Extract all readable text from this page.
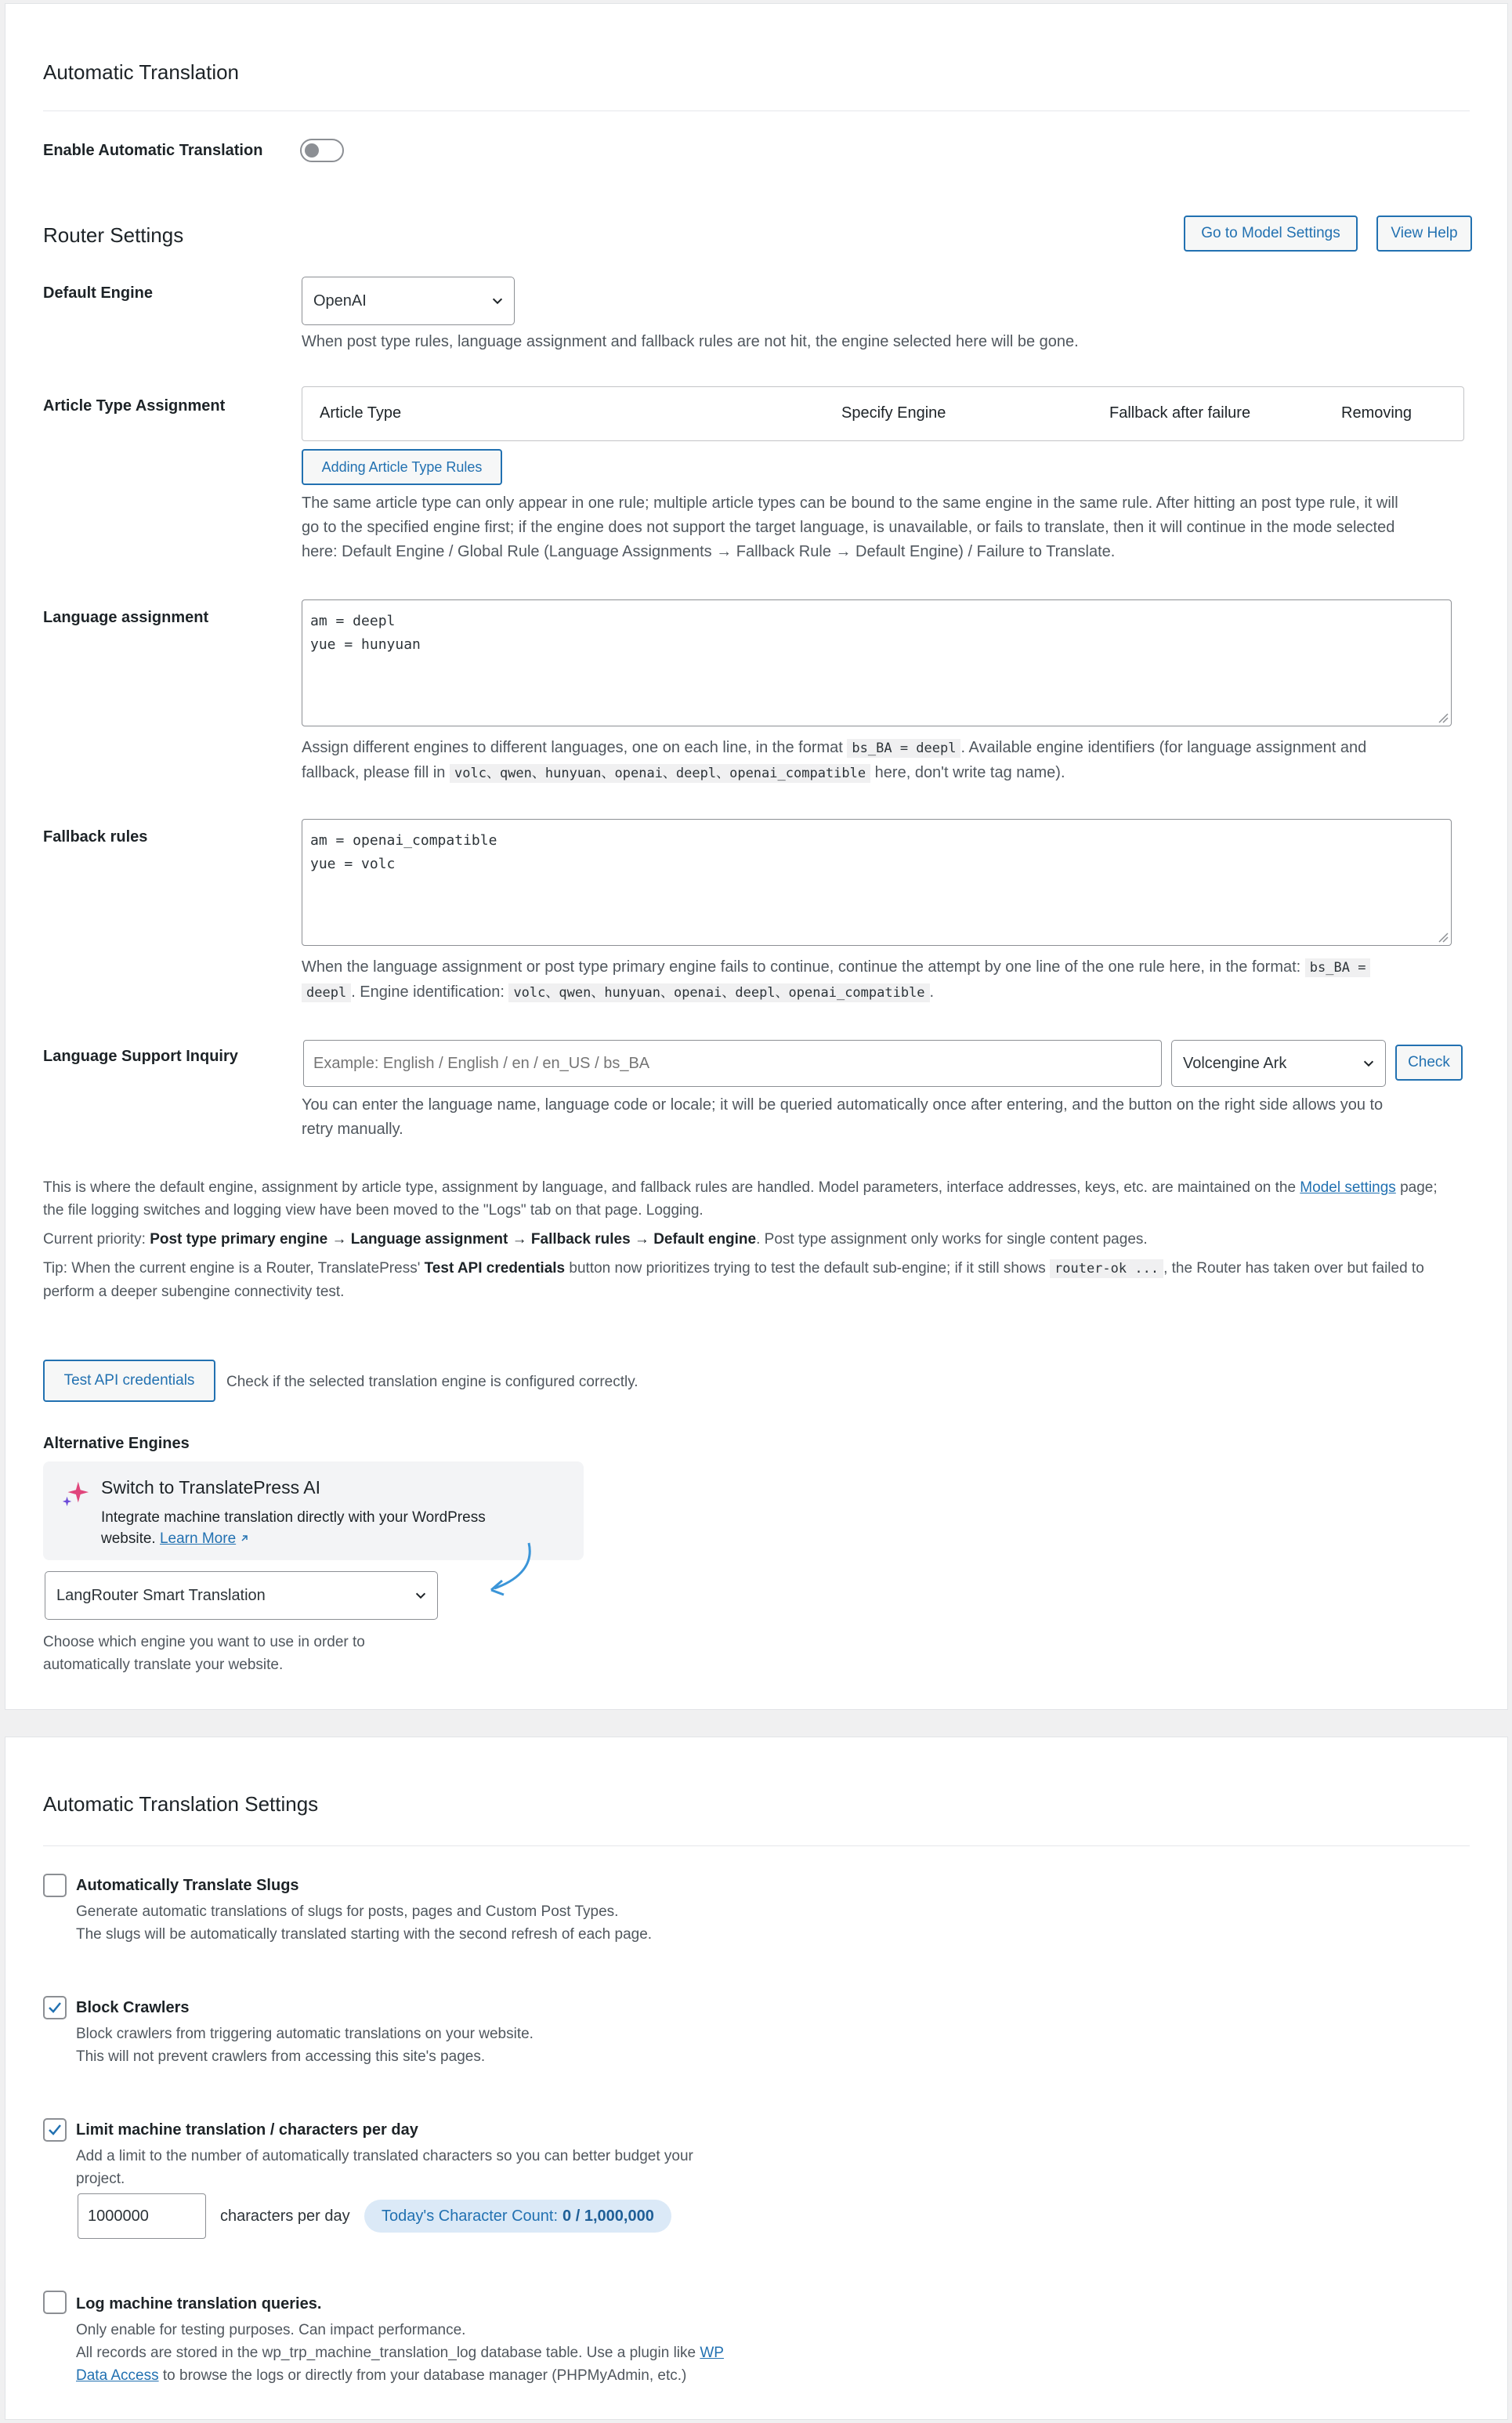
Automatic Translation
Enable Automatic Translation
Router Settings	Go to Model Settings	View Help
Default Engine	OpenAI
When post type rules, language assignment and fallback rules are not hit, the engine selected here will be gone.
Article Type Assignment	Article Type	Specify Engine	Fallback after failure	Removing
Adding Article Type Rules
The same article type can only appear in one rule; multiple article types can be bound to the same engine in the same rule. After hitting an post type rule, it will
go to the specified engine first; if the engine does not support the target language, is unavailable, or fails to translate, then it will continue in the mode selected
here: Default Engine / Global Rule (Language Assignments → Fallback Rule → Default Engine) / Failure to Translate.
Language assignment	am = deepl
yue = hunyuan
Assign different engines to different languages, one on each line, in the format bs_BA = deepl . Available engine identifiers (for language assignment and
fallback, please fill in volc、qwen、hunyuan、openai、deepl、openai_compatible here, don't write tag name).
Fallback rules	am = openai_compatible
yue = volc
When the language assignment or post type primary engine fails to continue, continue the attempt by one line of the one rule here, in the format: bs_BA =
deepl . Engine identification: volc、qwen、hunyuan、openai、deepl、openai_compatible .
Language Support Inquiry
Example: English / English / en / en_US / bs_BA	Volcengine Ark	Check
You can enter the language name, language code or locale; it will be queried automatically once after entering, and the button on the right side allows you to
retry manually.
This is where the default engine, assignment by article type, assignment by language, and fallback rules are handled. Model parameters, interface addresses, keys, etc. are maintained on the Model settings page;
the file logging switches and logging view have been moved to the "Logs" tab on that page. Logging.
Current priority: Post type primary engine → Language assignment → Fallback rules → Default engine. Post type assignment only works for single content pages.
Tip: When the current engine is a Router, TranslatePress' Test API credentials button now prioritizes trying to test the default sub-engine; if it still shows router-ok ... , the Router has taken over but failed to
perform a deeper subengine connectivity test.
Test API credentials	Check if the selected translation engine is configured correctly.
Alternative Engines
Switch to TranslatePress AI
Integrate machine translation directly with your WordPress
website. Learn More
LangRouter Smart Translation
Choose which engine you want to use in order to
automatically translate your website.
Automatic Translation Settings
Automatically Translate Slugs
Generate automatic translations of slugs for posts, pages and Custom Post Types.
The slugs will be automatically translated starting with the second refresh of each page.
Block Crawlers
Block crawlers from triggering automatic translations on your website.
This will not prevent crawlers from accessing this site's pages.
Limit machine translation / characters per day
Add a limit to the number of automatically translated characters so you can better budget your
project.
1000000
characters per day Today's Character Count: 0 / 1,000,000
Log machine translation queries.
Only enable for testing purposes. Can impact performance.
All records are stored in the wp_trp_machine_translation_log database table. Use a plugin like WP
Data Access to browse the logs or directly from your database manager (PHPMyAdmin, etc.)
